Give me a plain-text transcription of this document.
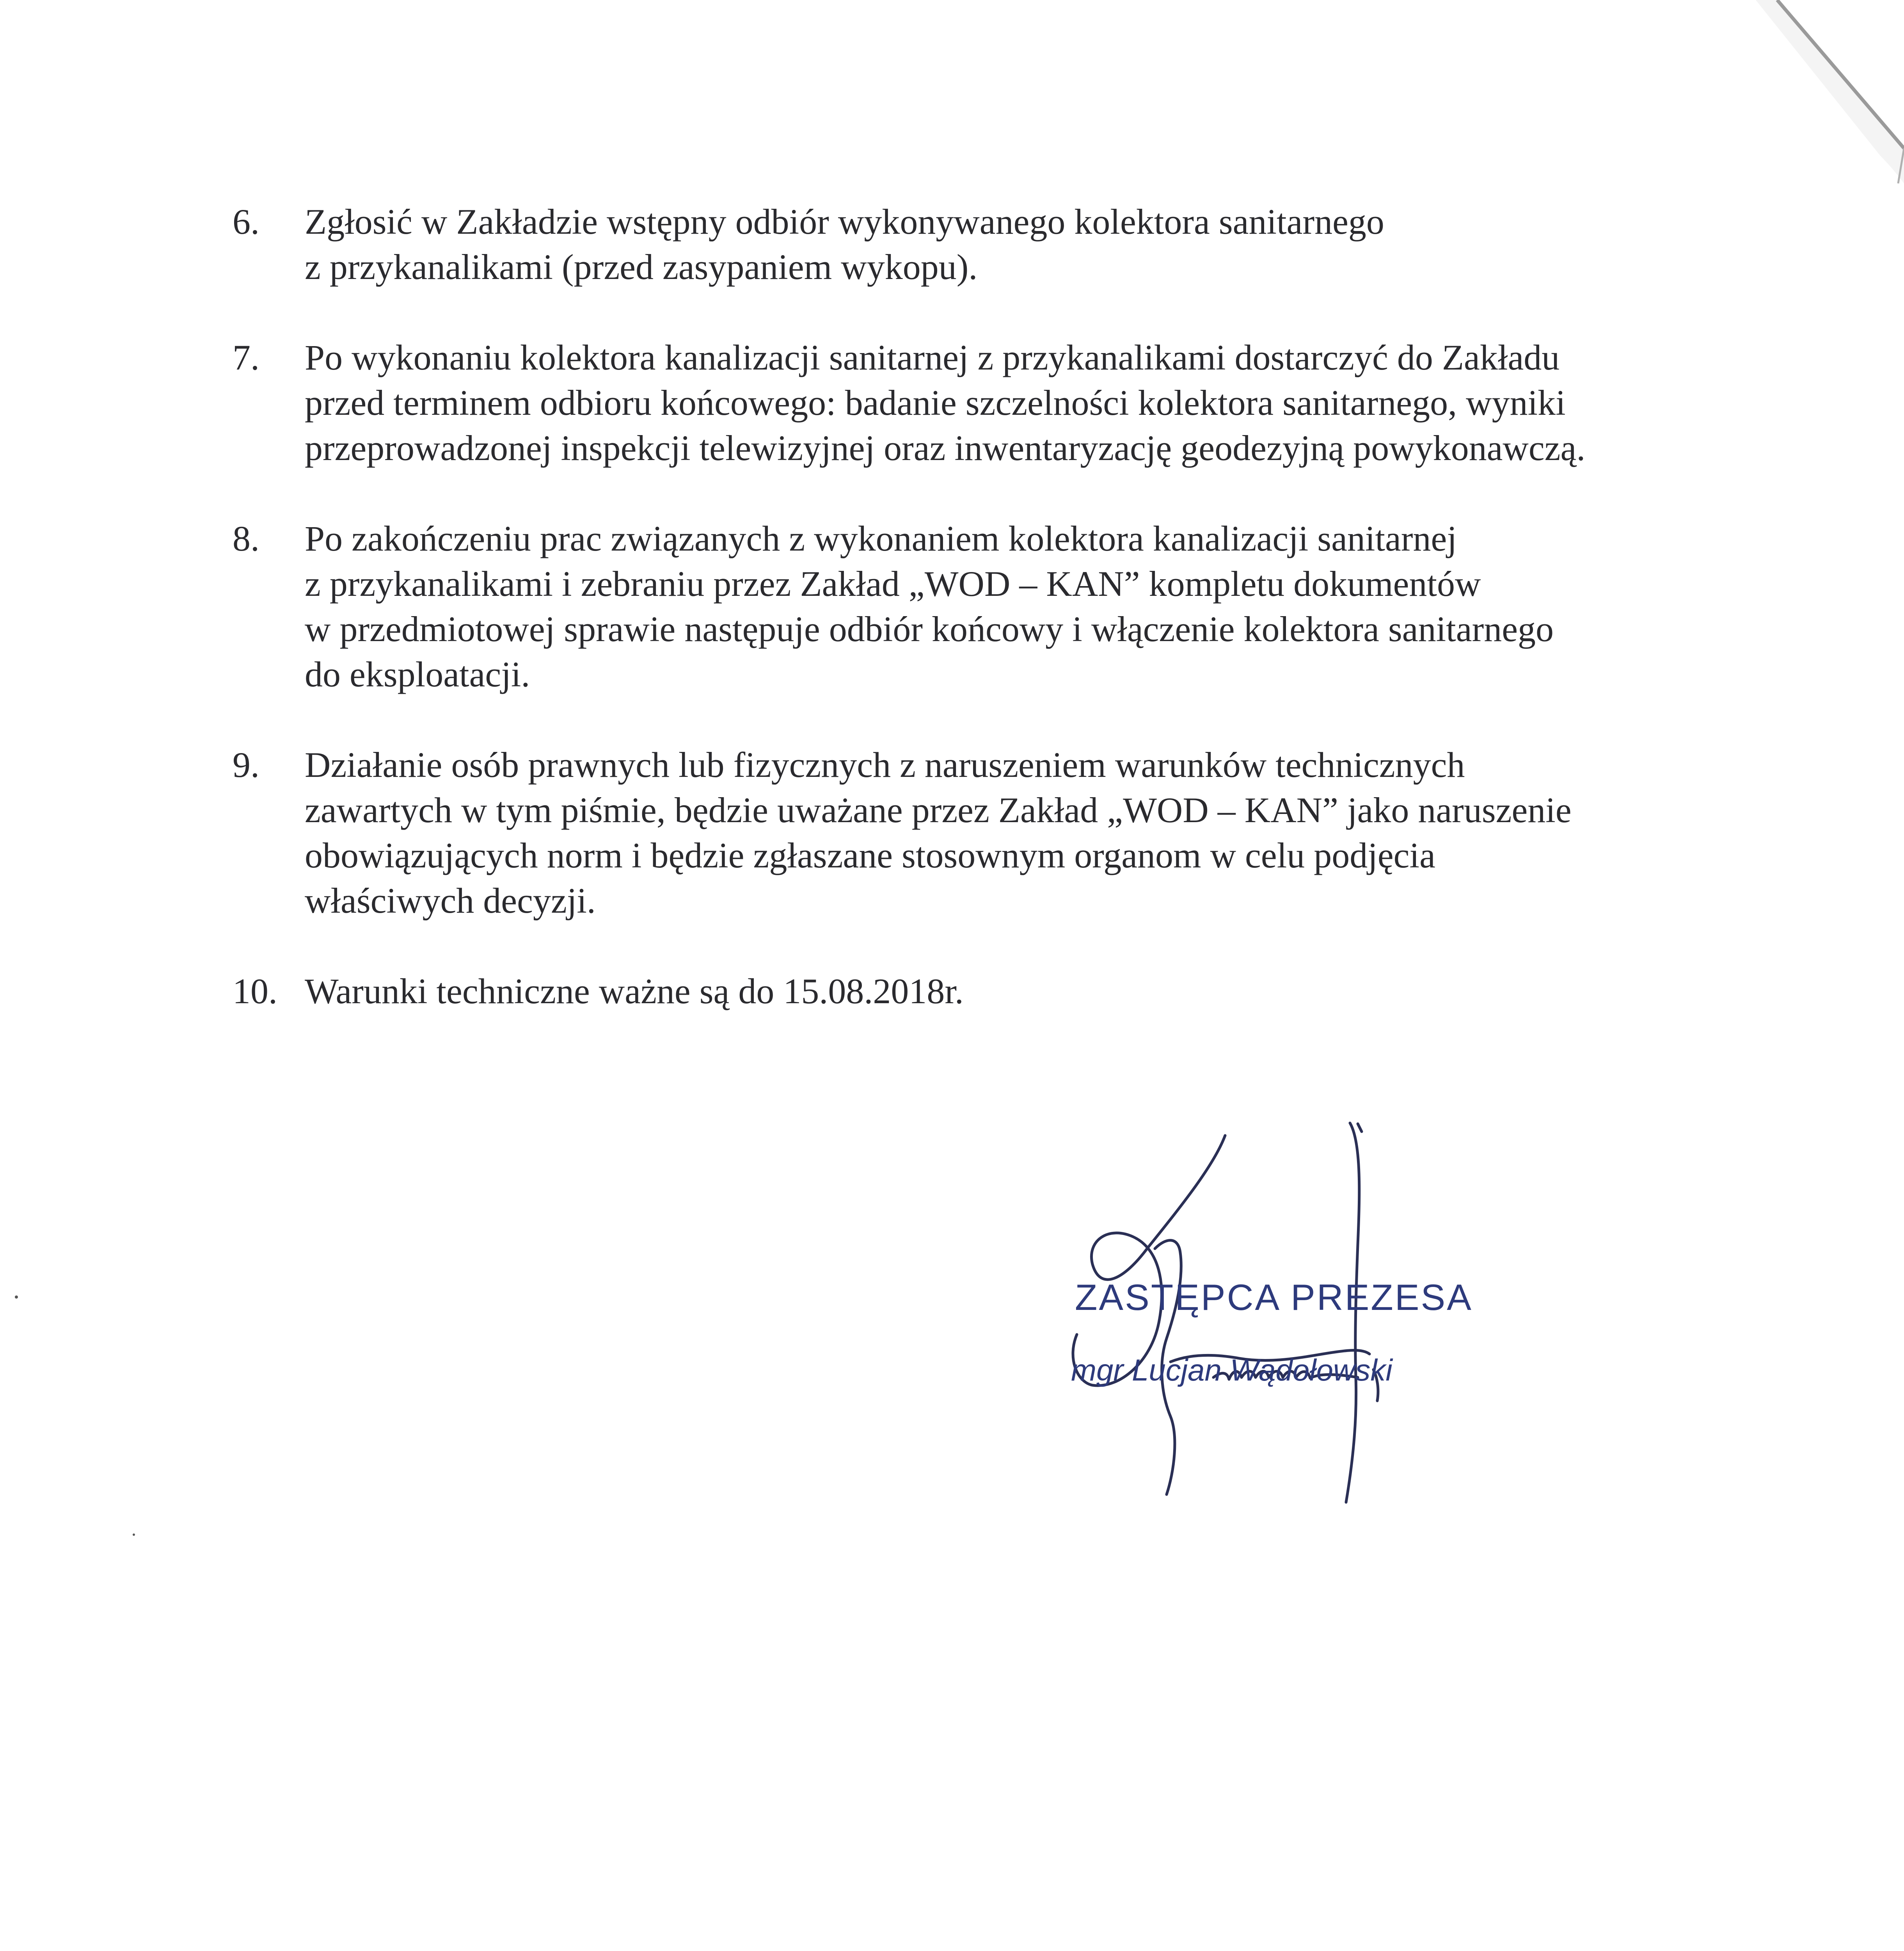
6. Zgłosić w Zakładzie wstępny odbiór wykonywanego kolektora sanitarnego
z przykanalikami (przed zasypaniem wykopu).
7. Po wykonaniu kolektora kanalizacji sanitarnej z przykanalikami dostarczyć do Zakładu
przed terminem odbioru końcowego: badanie szczelności kolektora sanitarnego, wyniki
przeprowadzonej inspekcji telewizyjnej oraz inwentaryzację geodezyjną powykonawczą.
8. Po zakończeniu prac związanych z wykonaniem kolektora kanalizacji sanitarnej
z przykanalikami i zebraniu przez Zakład „WOD – KAN” kompletu dokumentów
w przedmiotowej sprawie następuje odbiór końcowy i włączenie kolektora sanitarnego
do eksploatacji.
9. Działanie osób prawnych lub fizycznych z naruszeniem warunków technicznych
zawartych w tym piśmie, będzie uważane przez Zakład „WOD – KAN” jako naruszenie
obowiązujących norm i będzie zgłaszane stosownym organom w celu podjęcia
właściwych decyzji.
10. Warunki techniczne ważne są do 15.08.2018r.
ZASTĘPCA PREZESA
mgr Lucjan Wądołowski
